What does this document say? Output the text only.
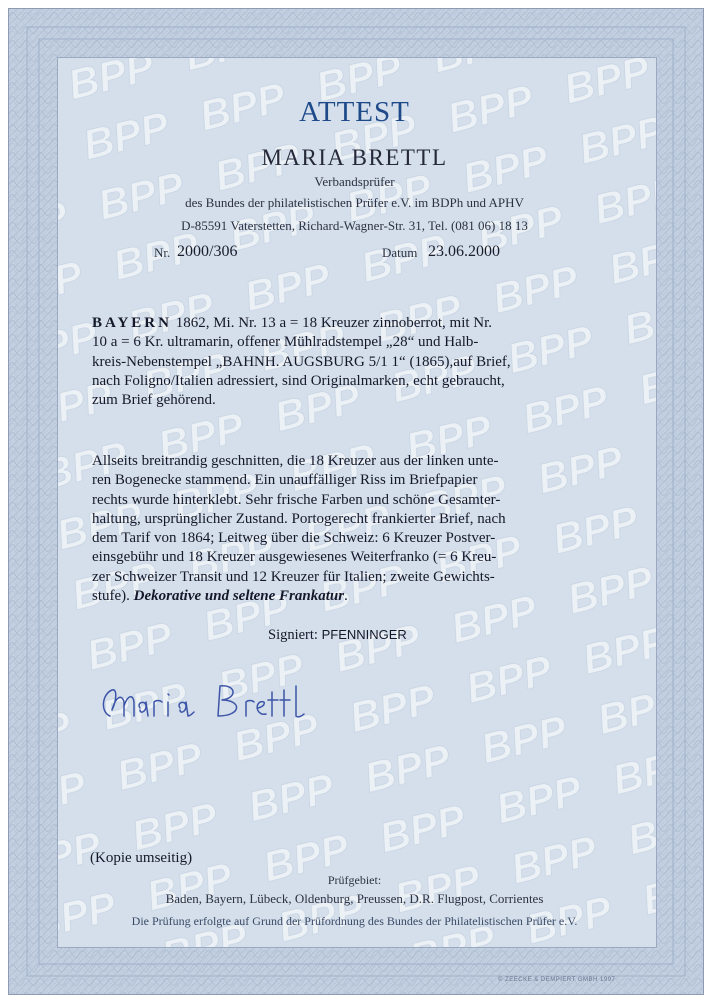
ATTEST
MARIA BRETTL
Verbandsprüfer
des Bundes der philatelistischen Prüfer e.V. im BDPh und APHV
D-85591 Vaterstetten, Richard-Wagner-Str. 31, Tel. (081 06) 18 13
Nr. 2000/306	Datum 23.06.2000
BAYERN 1862, Mi. Nr. 13 a = 18 Kreuzer zinnoberrot, mit Nr.
10 a = 6 Kr. ultramarin, offener Mühlradstempel „28“ und Halb-
kreis-Nebenstempel „BAHNH. AUGSBURG 5/1 1“ (1865),auf Brief,
nach Foligno/Italien adressiert, sind Originalmarken, echt gebraucht,
zum Brief gehörend.
Allseits breitrandig geschnitten, die 18 Kreuzer aus der linken unte-
ren Bogenecke stammend. Ein unauffälliger Riss im Briefpapier
rechts wurde hinterklebt. Sehr frische Farben und schöne Gesamter-
haltung, ursprünglicher Zustand. Portogerecht frankierter Brief, nach
dem Tarif von 1864; Leitweg über die Schweiz: 6 Kreuzer Postver-
einsgebühr und 18 Kreuzer ausgewiesenes Weiterfranko (= 6 Kreu-
zer Schweizer Transit und 12 Kreuzer für Italien; zweite Gewichts-
stufe). Dekorative und seltene Frankatur.
Signiert: PFENNINGER
(Kopie umseitig)
Prüfgebiet:
Baden, Bayern, Lübeck, Oldenburg, Preussen, D.R. Flugpost, Corrientes
Die Prüfung erfolgte auf Grund der Prüfordnung des Bundes der Philatelistischen Prüfer e.V.
© ZEECKE & DEMPIERT GMBH 1997
